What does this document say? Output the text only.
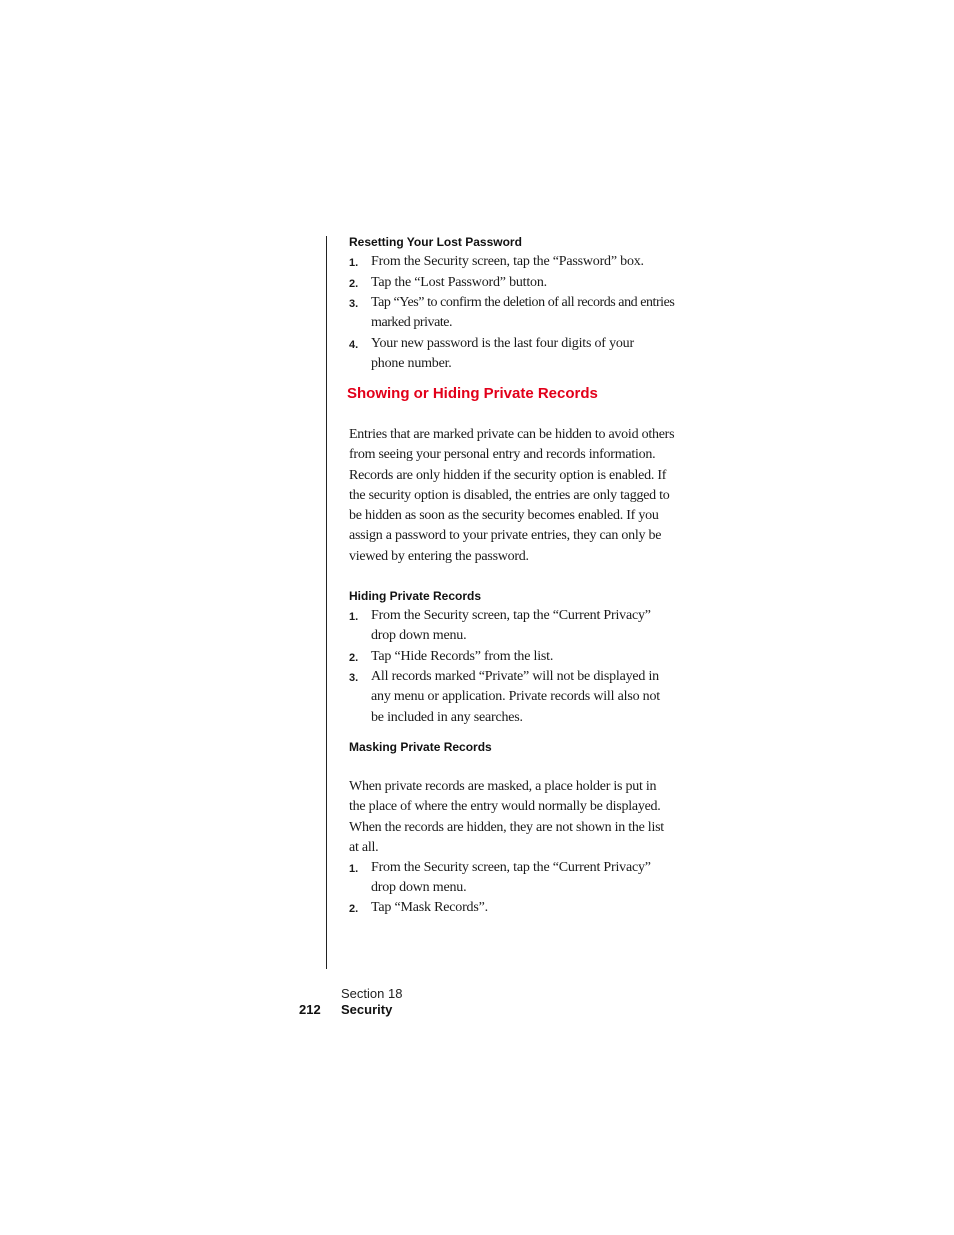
Resetting Your Lost Password
1. From the Security screen, tap the “Password” box.
2. Tap the “Lost Password” button.
3. Tap “Yes” to confirm the deletion of all records and entries marked private.
4. Your new password is the last four digits of your phone number.
Showing or Hiding Private Records
Entries that are marked private can be hidden to avoid others from seeing your personal entry and records information. Records are only hidden if the security option is enabled. If the security option is disabled, the entries are only tagged to be hidden as soon as the security becomes enabled. If you assign a password to your private entries, they can only be viewed by entering the password.
Hiding Private Records
1. From the Security screen, tap the “Current Privacy” drop down menu.
2. Tap “Hide Records” from the list.
3. All records marked “Private” will not be displayed in any menu or application. Private records will also not be included in any searches.
Masking Private Records
When private records are masked, a place holder is put in the place of where the entry would normally be displayed. When the records are hidden, they are not shown in the list at all.
1. From the Security screen, tap the “Current Privacy” drop down menu.
2. Tap “Mask Records”.
Section 18
212 Security
